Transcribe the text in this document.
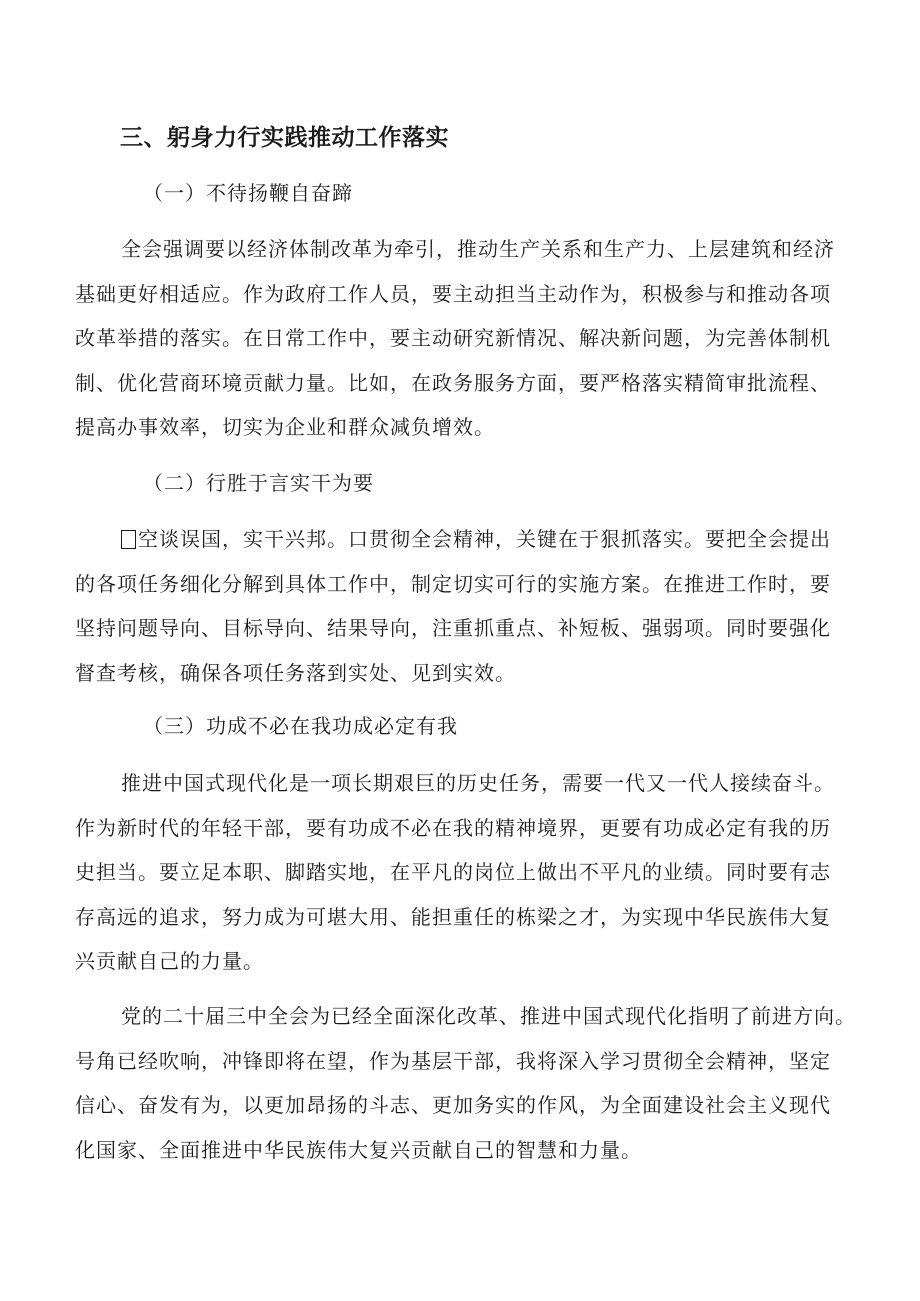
三、躬身力行实践推动工作落实
（一）不待扬鞭自奋蹄
全会强调要以经济体制改革为牵引，推动生产关系和生产力、上层建筑和经济
基础更好相适应。作为政府工作人员，要主动担当主动作为，积极参与和推动各项
改革举措的落实。在日常工作中，要主动研究新情况、解决新问题，为完善体制机
制、优化营商环境贡献力量。比如，在政务服务方面，要严格落实精简审批流程、
提高办事效率，切实为企业和群众减负增效。
（二）行胜于言实干为要
空谈误国，实干兴邦。口贯彻全会精神，关键在于狠抓落实。要把全会提出
的各项任务细化分解到具体工作中，制定切实可行的实施方案。在推进工作时，要
坚持问题导向、目标导向、结果导向，注重抓重点、补短板、强弱项。同时要强化
督查考核，确保各项任务落到实处、见到实效。
（三）功成不必在我功成必定有我
推进中国式现代化是一项长期艰巨的历史任务，需要一代又一代人接续奋斗。
作为新时代的年轻干部，要有功成不必在我的精神境界，更要有功成必定有我的历
史担当。要立足本职、脚踏实地，在平凡的岗位上做出不平凡的业绩。同时要有志
存高远的追求，努力成为可堪大用、能担重任的栋梁之才，为实现中华民族伟大复
兴贡献自己的力量。
党的二十届三中全会为已经全面深化改革、推进中国式现代化指明了前进方向。
号角已经吹响，冲锋即将在望，作为基层干部，我将深入学习贯彻全会精神，坚定
信心、奋发有为，以更加昂扬的斗志、更加务实的作风，为全面建设社会主义现代
化国家、全面推进中华民族伟大复兴贡献自己的智慧和力量。
